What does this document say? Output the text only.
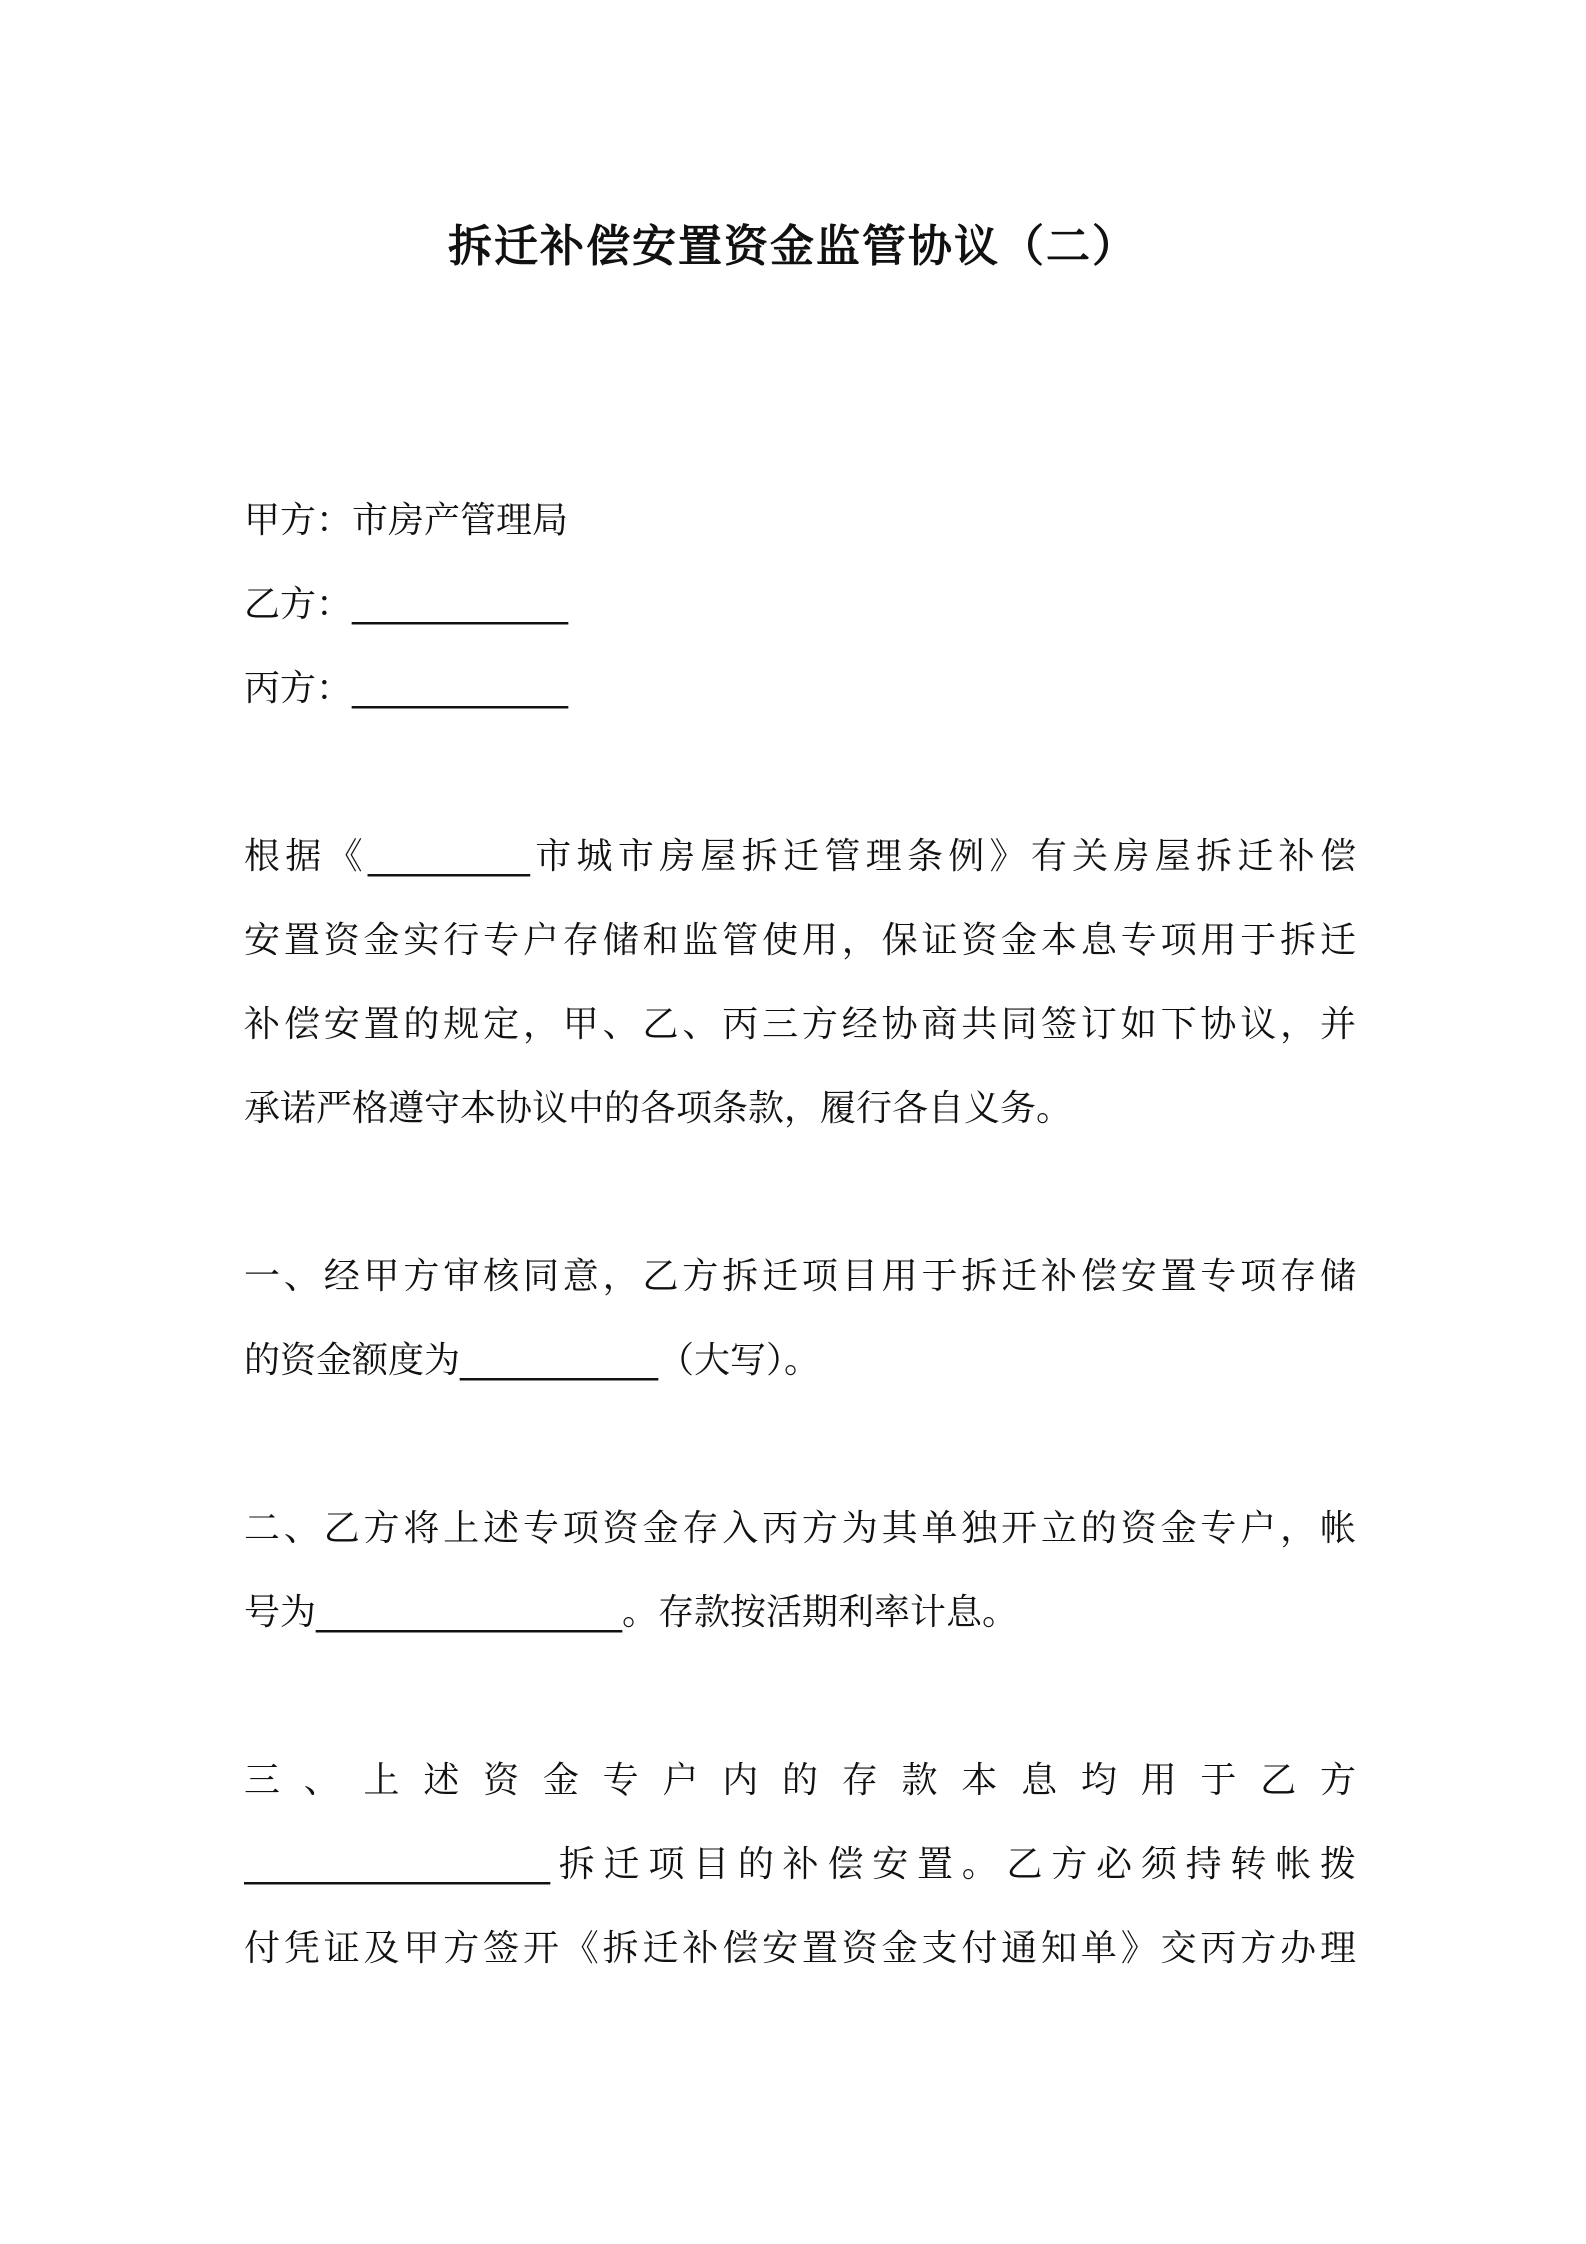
拆迁补偿安置资金监管协议（二）
甲方：市房产管理局
乙方：____________
丙方：____________
根据《_________市城市房屋拆迁管理条例》有关房屋拆迁补偿
安置资金实行专户存储和监管使用，保证资金本息专项用于拆迁
补偿安置的规定，甲、乙、丙三方经协商共同签订如下协议，并
承诺严格遵守本协议中的各项条款，履行各自义务。
一、经甲方审核同意，乙方拆迁项目用于拆迁补偿安置专项存储
的资金额度为___________（大写）。
二、乙方将上述专项资金存入丙方为其单独开立的资金专户，帐
号为_________________。存款按活期利率计息。
三、上述资金专户内的存款本息均用于乙方
_________________拆迁项目的补偿安置。乙方必须持转帐拨
付凭证及甲方签开《拆迁补偿安置资金支付通知单》交丙方办理
